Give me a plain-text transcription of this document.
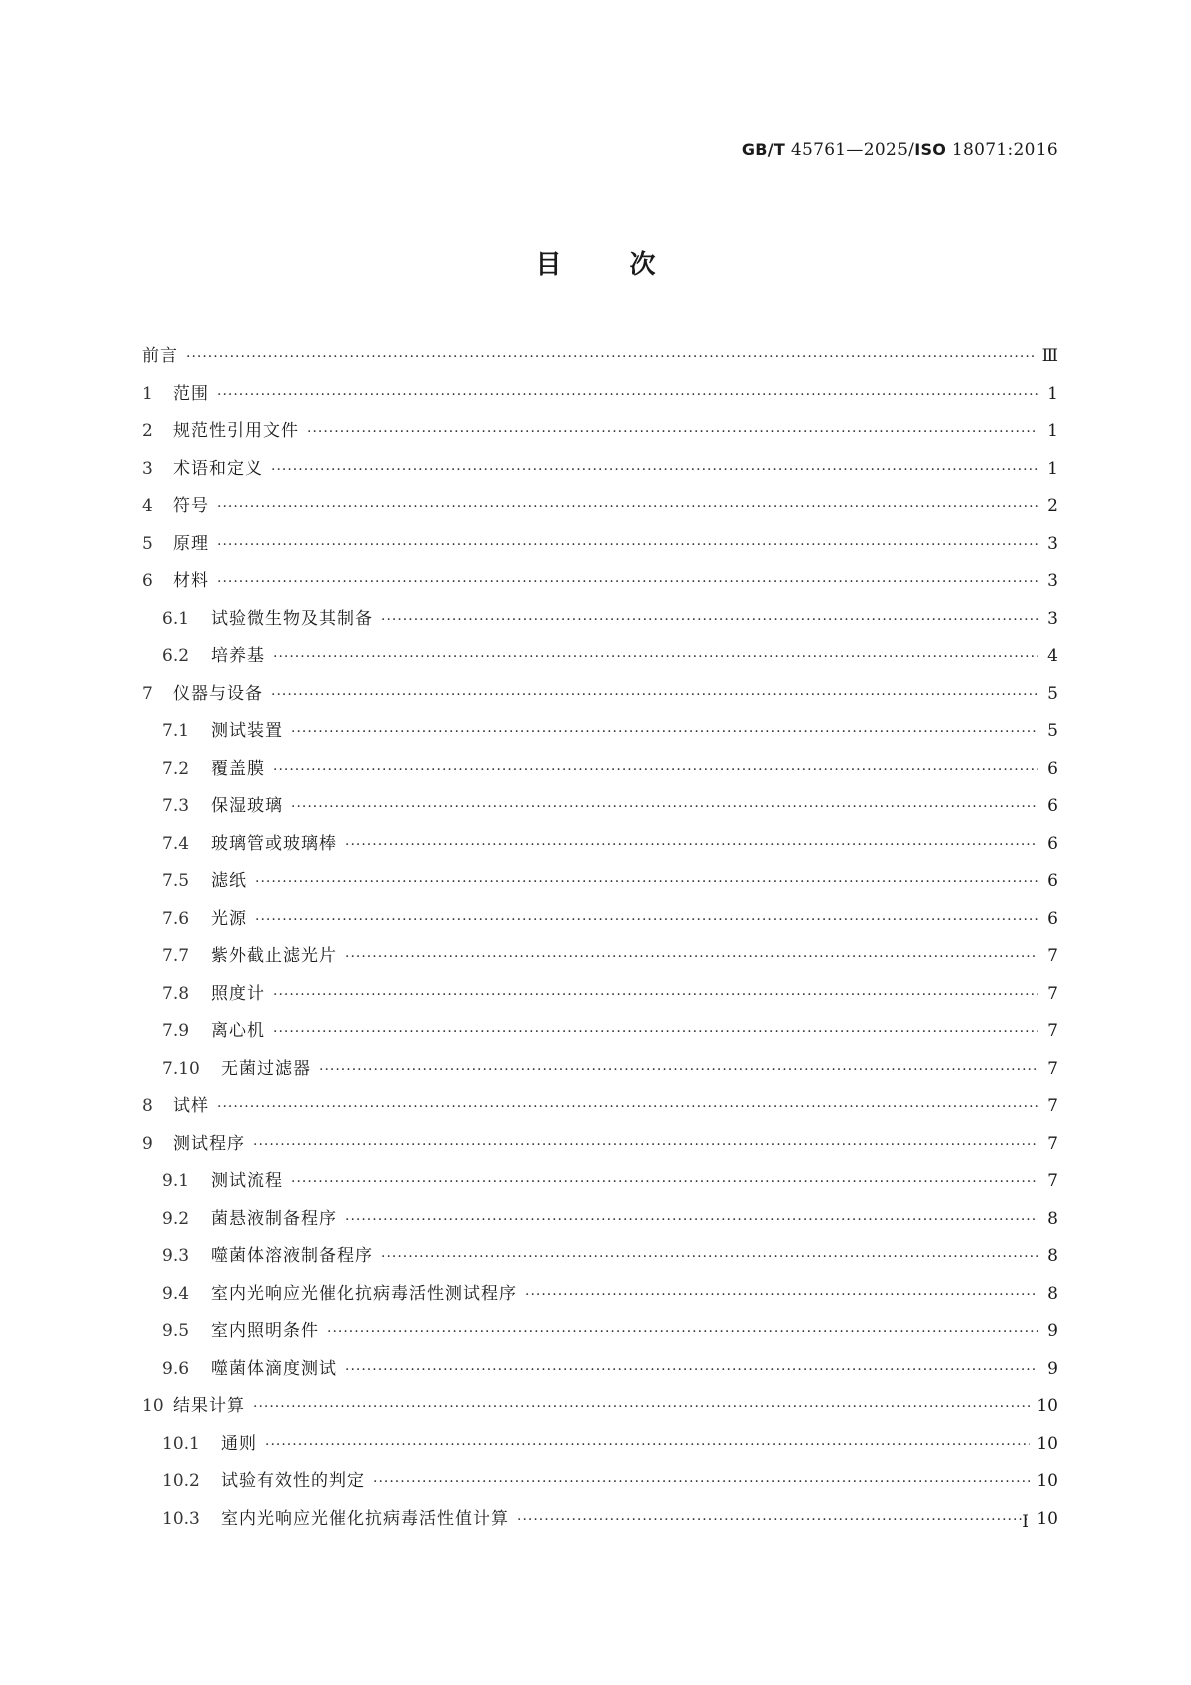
GB/T 45761—2025/ISO 18071:2016
目次
前言 ·····	Ⅲ
1	范围 ·····	1
2	规范性引用文件 ·····	1
3	术语和定义 ·····	1
4	符号 ·····	2
5	原理 ·····	3
6	材料 ·····	3
6.1	试验微生物及其制备 ·····	3
6.2	培养基 ·····	4
7	仪器与设备 ·····	5
7.1	测试装置 ·····	5
7.2	覆盖膜 ·····	6
7.3	保湿玻璃 ·····	6
7.4	玻璃管或玻璃棒 ·····	6
7.5	滤纸 ·····	6
7.6	光源 ·····	6
7.7	紫外截止滤光片 ·····	7
7.8	照度计 ·····	7
7.9	离心机 ·····	7
7.10	无菌过滤器 ·····	7
8	试样 ·····	7
9	测试程序 ·····	7
9.1	测试流程 ·····	7
9.2	菌悬液制备程序 ·····	8
9.3	噬菌体溶液制备程序 ·····	8
9.4	室内光响应光催化抗病毒活性测试程序 ·····	8
9.5	室内照明条件 ·····	9
9.6	噬菌体滴度测试 ·····	9
10 结果计算 ·····	10
10.1	通则 ·····	10
10.2	试验有效性的判定 ·····	10
10.3	室内光响应光催化抗病毒活性值计算 ·····	10
Ⅰ
